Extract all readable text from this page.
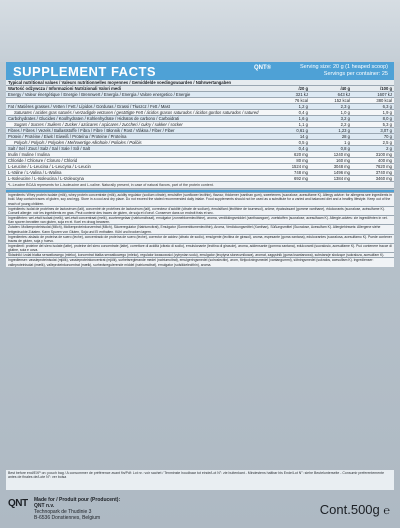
SUPPLEMENT FACTS	QNT®	Serving size: 20 g (1 heaped scoop)
Servings per container: 25
Typical nutritional values / Valeurs nutritionnelles moyennes / Gemiddelde voedingswaarden / Nährwertangaben
Wartość odżywcza / Informazioni Nutrizionali Valori medi	/20 g	/40 g	/100 g
Energy / Valeur énergétique / Energie / Brennwert / Energía / Energia / Valore energetico / Energie	321 kJ	643 kJ	1607 kJ
76 kcal	152 kcal	380 kcal
Fat / Matières grasses / Vetten / Fett / Lípidos / Gorduras / Grassi / Tłuszcz / Fett / Mast	1,2 g	2,3 g	6,3 g
Saturates / acides gras saturés / verzadigde vetzuren / gesättigte Fett / ácidos grasos saturados / ácidos gordos saturados / satured	0,4 g	1,0 g	1,9 g
Carbohydrates / Glucides / Koolhydraten / Kohlenhydrate / Hidratos de carbono / Carboidrati	1,6 g	3,2 g	8,0 g
Sugars / Sucres / Suikers / Zucker / azúcares / açúcares / zuccheri / cukry / sukker / socker	1,1 g	2,2 g	5,3 g
Fibres / Fibres / Vezels / Ballaststoffe / Fibra / Fibre / Błonnik / Rost / Vlákna / Fiber / Fiber	0,61 g	1,23 g	3,07 g
Protein / Protéine / Eiwit / Eiweiß / Proteína / Proteine / Proteína	14 g	28 g	70 g
Polyols / Polyols / Polyolen / Mehrwertige Alkohole / Polioles / Polióis	0,5 g	1 g	2,5 g
Salt / Sel / Zout / Salz / Sal / Sale / Sól / Salt	0,4 g	0,8 g	2 g
Inulin / Inuline / Inulina	620 mg	1240 mg	3100 mg
Chloride / Chlorure / Cloruro / Chlorid	80 mg	160 mg	400 mg
L-Leucine / L-Leucina / L-Leucyna / L-Leucin	1524 mg	3048 mg	7620 mg
L-Valine / L-Valina / L-Walina	748 mg	1496 mg	3740 mg
L-Isoleucine / L-Isoleucina / L-Izoleucyna	692 mg	1384 mg	3460 mg
*L-Leucine BCAA represents for L-isoleucine and L-valine. Naturally present, in case of natural flavors, part of the protein content.
Ingredients: Whey protein isolate (milk), whey protein concentrate (milk), acidity regulator (sodium citrate), emulsifier (sunflower lecithin), flavour, thickener (xanthan gum), sweeteners (sucralose, acesulfame K). Allergy advice: for allergens see ingredients in bold. May contain traces of gluten, soy and egg. Store in a cool and dry place. Do not exceed the stated recommended daily intake. Food supplements should not be used as a substitute for a varied and balanced diet and a healthy lifestyle. Keep out of the reach of young children.
Ingrédients: isolat de protéines de lactosérum (lait), concentré de protéines de lactosérum (lait), correcteur d'acidité (citrate de sodium), émulsifiant (lécithine de tournesol), arôme, épaississant (gomme xanthane), édulcorants (sucralose, acésulfame K). Conseil allergie: voir les ingrédients en gras. Peut contenir des traces de gluten, de soja et d'oeuf. Conserver dans un endroit frais et sec.
Ingrediënten: wei-eiwit isolaat (melk), wei-eiwit concentraat (melk), zuurteregelaar (natriumcitraat), emulgator (zonnebloemlecithine), aroma, verdikkingsmiddel (xanthaangom), zoetstoffen (sucralose, acesulfaam K). Allergie-advies: zie ingrediënten in vet. Kan sporen bevatten van gluten, soja en ei. Koel en droog bewaren.
Zutaten: Molkenproteinisolat (Milch), Molkenproteinkonzentrat (Milch), Säureregulator (Natriumcitrat), Emulgator (Sonnenblumenlecithin), Aroma, Verdickungsmittel (Xanthan), Süßungsmittel (Sucralose, Acesulfam K). Allergiehinweis: Allergene siehe fettgedruckte Zutaten. Kann Spuren von Gluten, Soja und Ei enthalten. Kühl und trocken lagern.
Ingredientes: aislado de proteína de suero (leche), concentrado de proteína de suero (leche), corrector de acidez (citrato de sodio), emulgente (lecitina de girasol), aroma, espesante (goma xantana), edulcorantes (sucralosa, acesulfamo K). Puede contener trazas de gluten, soja y huevo.
Ingredienti: proteine del siero isolate (latte), proteine del siero concentrate (latte), correttore di acidità (citrato di sodio), emulsionante (lecitina di girasole), aroma, addensante (gomma xantana), edulcoranti (sucralosio, acesulfame K). Può contenere tracce di glutine, soia e uova.
Składniki: izolat białka serwatkowego (mleko), koncentrat białka serwatkowego (mleko), regulator kwasowości (cytrynian sodu), emulgator (lecytyna słonecznikowa), aromat, zagęstnik (guma ksantanowa), substancje słodzące (sukraloza, acesulfam K).
Ingredienser: vassleproteinisolat (mjölk), vassleproteinkoncentrat (mjölk), surhetsreglerande medel (natriumcitrat), emulgeringsmedel (solroslecitin), arom, förtjockningsmedel (xantangummi), sötningsmedel (sukralos, acesulfam K). Ingredienser: valleproteinisolat (mælk), valleproteinkoncentrat (mælk), surhedsregulerende middel (natriumcitrat), emulgator (solsikkelecithin), aroma.
Best before end/EXP on: pouch bag / A consommer de préférence avant fin/Pdf: Lot nr.: voir sachet / Tenminste houdbaar tot einde/Lot N°: zie buitenkant - Mindestens haltbar bis Ende/Lot N°: siehe Beutelunterseite - Consumir preferentemente antes de finales de/Lote N°: ver bolsa
QNT	Made for / Produit pour (Producent):
QNT n.v.
Technopark de Thudinie 3
B-6536 Donstiennes, Belgium
Cont.500g ℮
